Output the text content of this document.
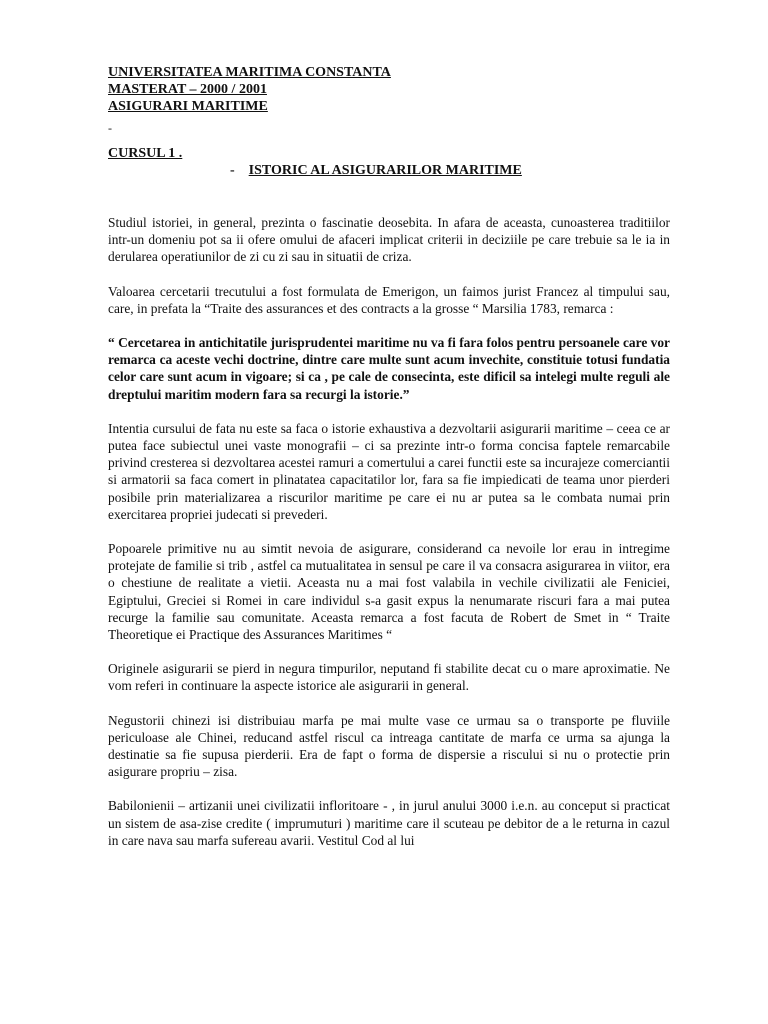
UNIVERSITATEA MARITIMA CONSTANTA
MASTERAT – 2000 / 2001
ASIGURARI MARITIME
-
CURSUL 1 .
- ISTORIC AL ASIGURARILOR MARITIME

Studiul istoriei, in general, prezinta o fascinatie deosebita. In afara de aceasta, cunoasterea traditiilor intr-un domeniu pot sa ii ofere omului de afaceri implicat criterii in deciziile pe care trebuie sa le ia in derularea operatiunilor de zi cu zi sau in situatii de criza.

Valoarea cercetarii trecutului a fost formulata de Emerigon, un faimos jurist Francez al timpului sau, care, in prefata la “Traite des assurances et des contracts a la grosse “ Marsilia 1783, remarca :

“ Cercetarea in antichitatile jurisprudentei maritime nu va fi fara folos pentru persoanele care vor remarca ca aceste vechi doctrine, dintre care multe sunt acum invechite, constituie totusi fundatia celor care sunt acum in vigoare; si ca , pe cale de consecinta, este dificil sa intelegi multe reguli ale dreptului maritim modern fara sa recurgi la istorie.”

Intentia cursului de fata nu este sa faca o istorie exhaustiva a dezvoltarii asigurarii maritime – ceea ce ar putea face subiectul unei vaste monografii – ci sa prezinte intr-o forma concisa faptele remarcabile privind cresterea si dezvoltarea acestei ramuri a comertului a carei functii este sa incurajeze comerciantii si armatorii sa faca comert in plinatatea capacitatilor lor, fara sa fie impiedicati de teama unor pierderi posibile prin materializarea a riscurilor maritime pe care ei nu ar putea sa le combata numai prin exercitarea propriei judecati si prevederi.

Popoarele primitive nu au simtit nevoia de asigurare, considerand ca nevoile lor erau in intregime protejate de familie si trib , astfel ca mutualitatea in sensul pe care il va consacra asigurarea in viitor, era o chestiune de realitate a vietii. Aceasta nu a mai fost valabila in vechile civilizatii ale Feniciei, Egiptului, Greciei si Romei in care individul s-a gasit expus la nenumarate riscuri fara a mai putea recurge la familie sau comunitate. Aceasta remarca a fost facuta de Robert de Smet in “ Traite Theoretique ei Practique des Assurances Maritimes “

Originele asigurarii se pierd in negura timpurilor, neputand fi stabilite decat cu o mare aproximatie. Ne vom referi in continuare la aspecte istorice ale asigurarii in general.

Negustorii chinezi isi distribuiau marfa pe mai multe vase ce urmau sa o transporte pe fluviile periculoase ale Chinei, reducand astfel riscul ca intreaga cantitate de marfa ce urma sa ajunga la destinatie sa fie supusa pierderii. Era de fapt o forma de dispersie a riscului si nu o protectie prin asigurare propriu – zisa.

Babilonienii – artizanii unei civilizatii infloritoare - , in jurul anului 3000 i.e.n. au conceput si practicat un sistem de asa-zise credite ( imprumuturi ) maritime care il scuteau pe debitor de a le returna in cazul in care nava sau marfa sufereau avarii. Vestitul Cod al lui
